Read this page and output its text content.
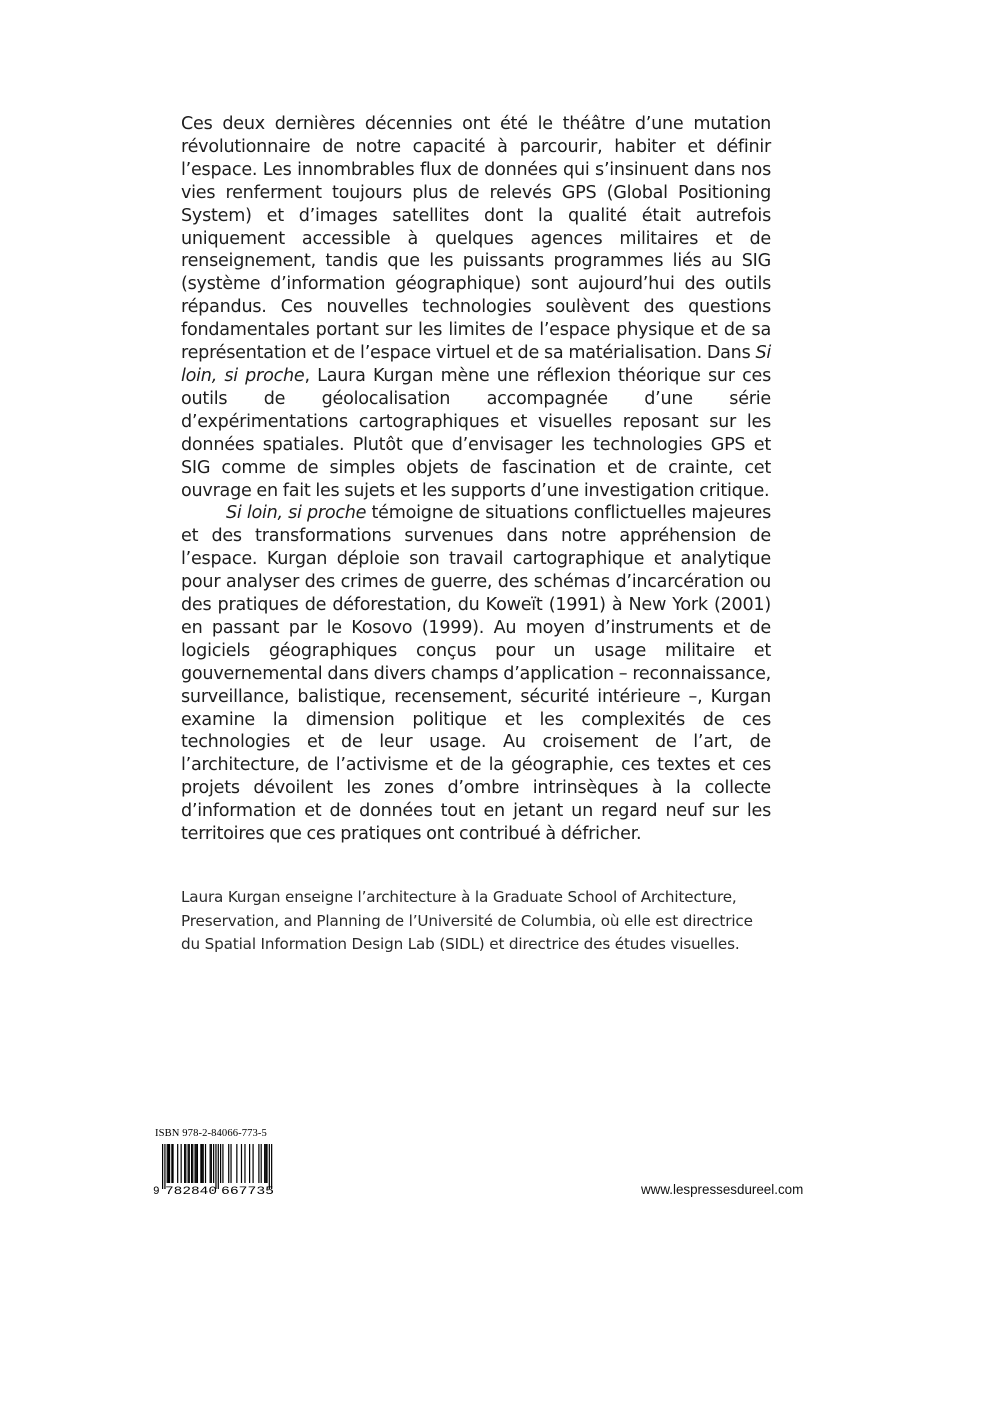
Ces deux dernières décennies ont été le théâtre d’une mutation révolutionnaire de notre capacité à parcourir, habiter et définir l’espace. Les innombrables flux de données qui s’insinuent dans nos vies renferment toujours plus de relevés GPS (Global Positioning System) et d’images satellites dont la qualité était autrefois uniquement accessible à quelques agences militaires et de renseignement, tandis que les puissants programmes liés au SIG (système d’information géographique) sont aujourd’hui des outils répandus. Ces nouvelles technologies soulèvent des questions fondamentales portant sur les limites de l’espace physique et de sa représentation et de l’espace virtuel et de sa matérialisation. Dans Si loin, si proche, Laura Kurgan mène une réflexion théorique sur ces outils de géolocalisation accompagnée d’une série d’expérimentations cartographiques et visuelles reposant sur les données spatiales. Plutôt que d’envisager les technologies GPS et SIG comme de simples objets de fascination et de crainte, cet ouvrage en fait les sujets et les supports d’une investigation critique.

Si loin, si proche témoigne de situations conflictuelles majeures et des transformations survenues dans notre appréhension de l’espace. Kurgan déploie son travail cartographique et analytique pour analyser des crimes de guerre, des schémas d’incarcération ou des pratiques de déforestation, du Koweït (1991) à New York (2001) en passant par le Kosovo (1999). Au moyen d’instruments et de logiciels géographiques conçus pour un usage militaire et gouvernemental dans divers champs d’application – reconnaissance, surveillance, balistique, recensement, sécurité intérieure –, Kurgan examine la dimension politique et les complexités de ces technologies et de leur usage. Au croisement de l’art, de l’architecture, de l’activisme et de la géographie, ces textes et ces projets dévoilent les zones d’ombre intrinsèques à la collecte d’information et de données tout en jetant un regard neuf sur les territoires que ces pratiques ont contribué à défricher.

Laura Kurgan enseigne l’architecture à la Graduate School of Architecture,
Preservation, and Planning de l’Université de Columbia, où elle est directrice
du Spatial Information Design Lab (SIDL) et directrice des études visuelles.
ISBN 978-2-84066-773-5
9 782840 667735	www.lespressesdureel.com
